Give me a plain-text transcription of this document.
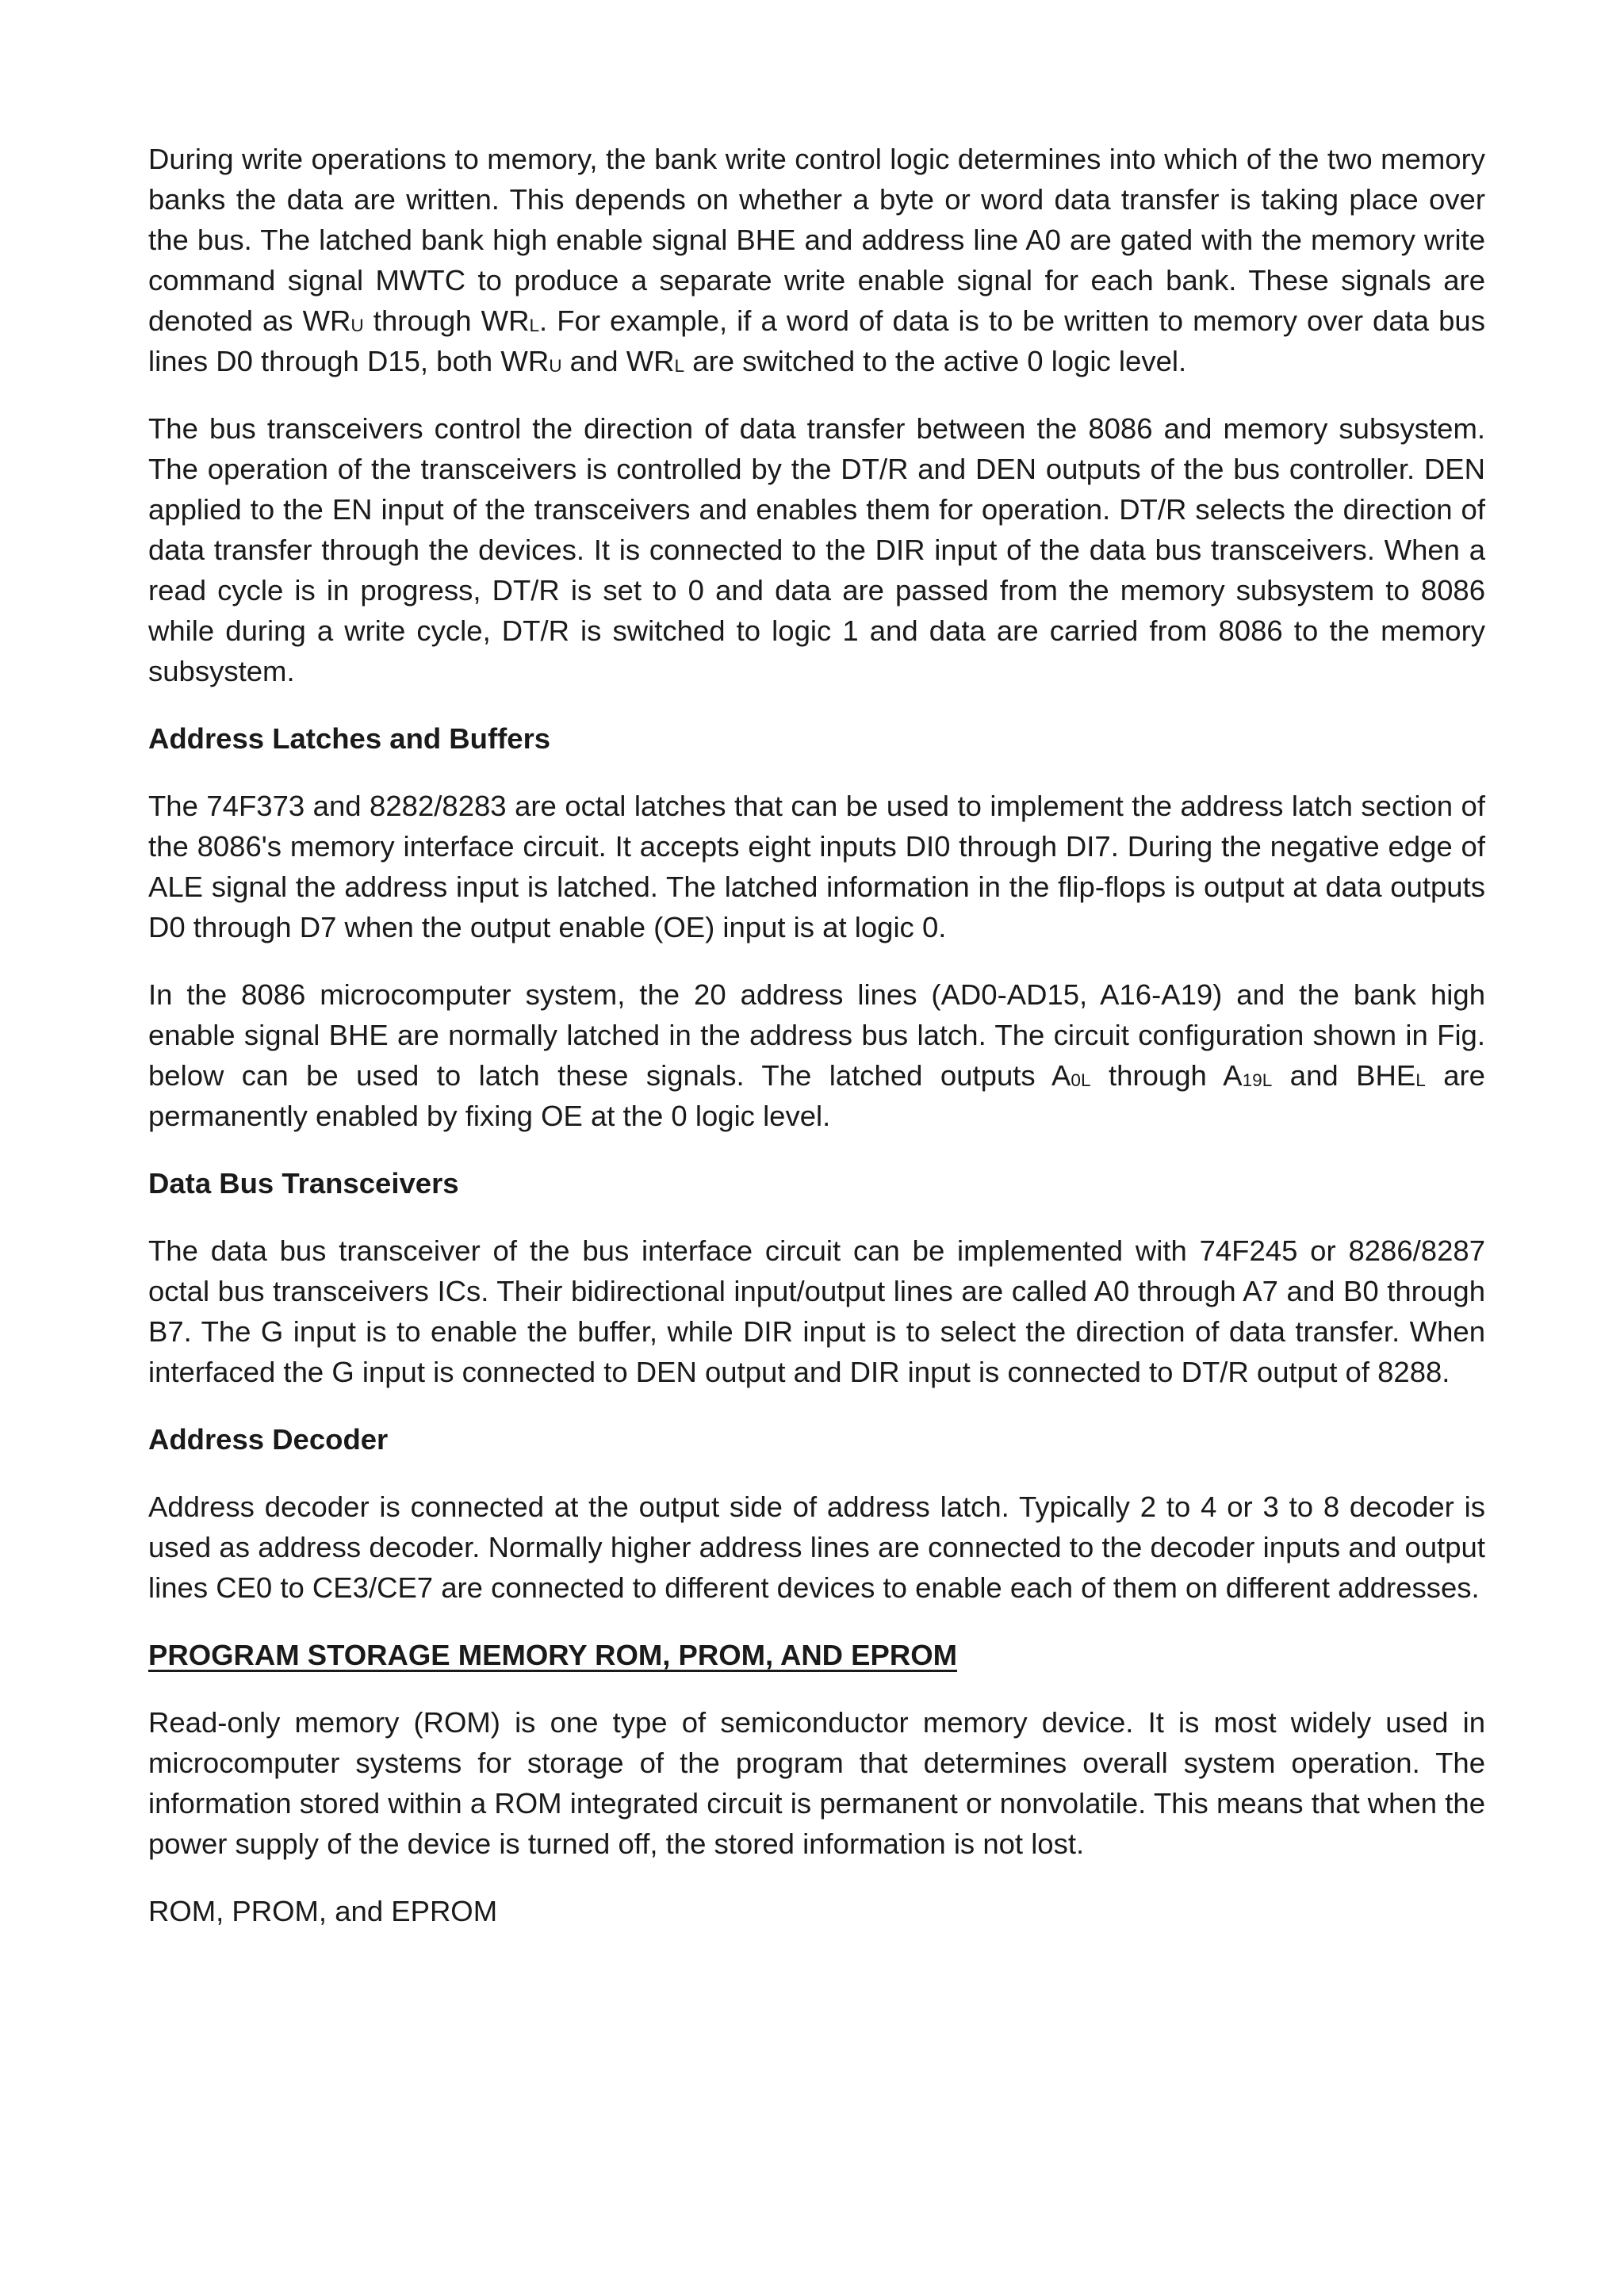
During write operations to memory, the bank write control logic determines into which of the two memory banks the data are written. This depends on whether a byte or word data transfer is taking place over the bus. The latched bank high enable signal BHE and address line A0 are gated with the memory write command signal MWTC to produce a separate write enable signal for each bank. These signals are denoted as $WR_U$ through $WR_L$. For example, if a word of data is to be written to memory over data bus lines D0 through D15, both $WR_U$ and $WR_L$ are switched to the active 0 logic level.

The bus transceivers control the direction of data transfer between the 8086 and memory subsystem. The operation of the transceivers is controlled by the DT/R and DEN outputs of the bus controller. DEN applied to the EN input of the transceivers and enables them for operation. DT/R selects the direction of data transfer through the devices. It is connected to the DIR input of the data bus transceivers. When a read cycle is in progress, DT/R is set to 0 and data are passed from the memory subsystem to 8086 while during a write cycle, DT/R is switched to logic 1 and data are carried from 8086 to the memory subsystem.

Address Latches and Buffers

The 74F373 and 8282/8283 are octal latches that can be used to implement the address latch section of the 8086's memory interface circuit. It accepts eight inputs DI0 through DI7. During the negative edge of ALE signal the address input is latched. The latched information in the flip-flops is output at data outputs D0 through D7 when the output enable (OE) input is at logic 0.

In the 8086 microcomputer system, the 20 address lines (AD0-AD15, A16-A19) and the bank high enable signal BHE are normally latched in the address bus latch. The circuit configuration shown in Fig. below can be used to latch these signals. The latched outputs $A_{0L}$ through $A_{19L}$ and $BHE_L$ are permanently enabled by fixing OE at the 0 logic level.

Data Bus Transceivers

The data bus transceiver of the bus interface circuit can be implemented with 74F245 or 8286/8287 octal bus transceivers ICs. Their bidirectional input/output lines are called A0 through A7 and B0 through B7. The G input is to enable the buffer, while DIR input is to select the direction of data transfer. When interfaced the G input is connected to DEN output and DIR input is connected to DT/R output of 8288.

Address Decoder

Address decoder is connected at the output side of address latch. Typically 2 to 4 or 3 to 8 decoder is used as address decoder. Normally higher address lines are connected to the decoder inputs and output lines CE0 to CE3/CE7 are connected to different devices to enable each of them on different addresses.

PROGRAM STORAGE MEMORY ROM, PROM, AND EPROM

Read-only memory (ROM) is one type of semiconductor memory device. It is most widely used in microcomputer systems for storage of the program that determines overall system operation. The information stored within a ROM integrated circuit is permanent or nonvolatile. This means that when the power supply of the device is turned off, the stored information is not lost.

ROM, PROM, and EPROM
